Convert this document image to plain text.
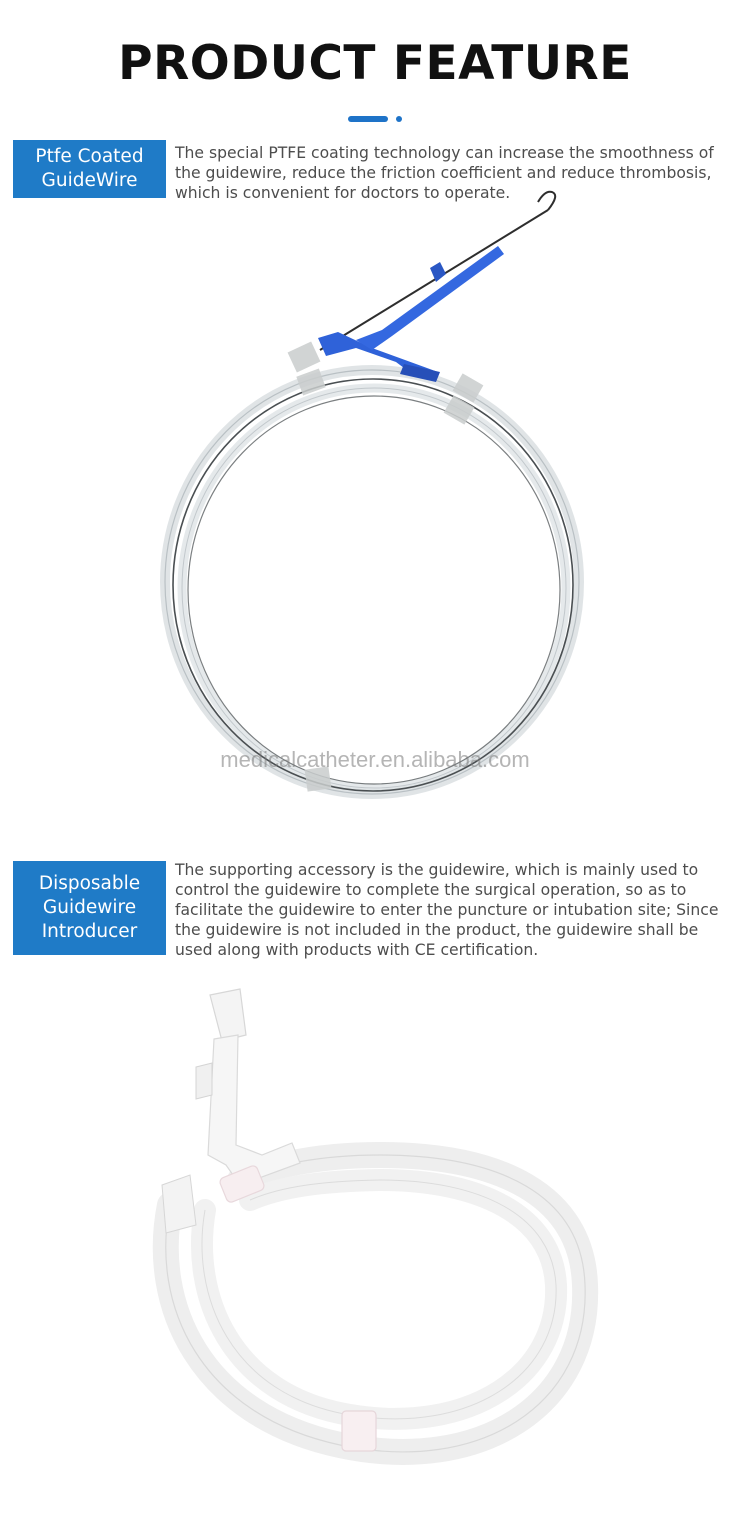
PRODUCT FEATURE
Ptfe Coated
GuideWire

The special PTFE coating technology can increase the smoothness of the guidewire, reduce the friction coefficient and reduce thrombosis, which is convenient for doctors to operate.

medicalcatheter.en.alibaba.com
Disposable
Guidewire
Introducer

The supporting accessory is the guidewire, which is mainly used to control the guidewire to complete the surgical operation, so as to facilitate the guidewire to enter the puncture or intubation site; Since the guidewire is not included in the product, the guidewire shall be used along with products with CE certification.
